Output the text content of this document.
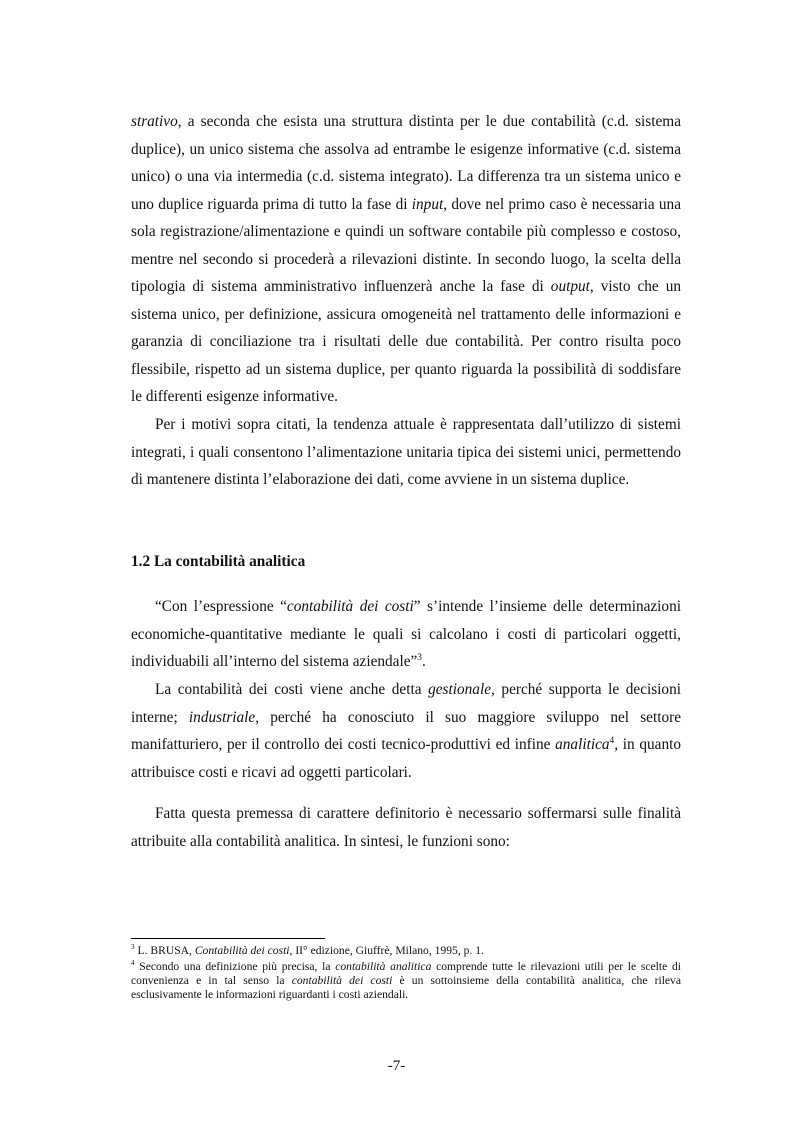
strativo, a seconda che esista una struttura distinta per le due contabilità (c.d. sistema duplice), un unico sistema che assolva ad entrambe le esigenze informative (c.d. sistema unico) o una via intermedia (c.d. sistema integrato). La differenza tra un sistema unico e uno duplice riguarda prima di tutto la fase di input, dove nel primo caso è necessaria una sola registrazione/alimentazione e quindi un software contabile più complesso e costoso, mentre nel secondo si procederà a rilevazioni distinte. In secondo luogo, la scelta della tipologia di sistema amministrativo influenzerà anche la fase di output, visto che un sistema unico, per definizione, assicura omogeneità nel trattamento delle informazioni e garanzia di conciliazione tra i risultati delle due contabilità. Per contro risulta poco flessibile, rispetto ad un sistema duplice, per quanto riguarda la possibilità di soddisfare le differenti esigenze informative.

Per i motivi sopra citati, la tendenza attuale è rappresentata dall’utilizzo di sistemi integrati, i quali consentono l’alimentazione unitaria tipica dei sistemi unici, permettendo di mantenere distinta l’elaborazione dei dati, come avviene in un sistema duplice.

1.2 La contabilità analitica

“Con l’espressione “contabilità dei costi” s’intende l’insieme delle determinazioni economiche-quantitative mediante le quali si calcolano i costi di particolari oggetti, individuabili all’interno del sistema aziendale”$^3$.

La contabilità dei costi viene anche detta gestionale, perché supporta le decisioni interne; industriale, perché ha conosciuto il suo maggiore sviluppo nel settore manifatturiero, per il controllo dei costi tecnico-produttivi ed infine analitica$^4$, in quanto attribuisce costi e ricavi ad oggetti particolari.

Fatta questa premessa di carattere definitorio è necessario soffermarsi sulle finalità attribuite alla contabilità analitica. In sintesi, le funzioni sono:

$^3$ L. BRUSA, Contabilità dei costi, II° edizione, Giuffrè, Milano, 1995, p. 1.

$^4$ Secondo una definizione più precisa, la contabilità analitica comprende tutte le rilevazioni utili per le scelte di convenienza e in tal senso la contabilità dei costi è un sottoinsieme della contabilità analitica, che rileva esclusivamente le informazioni riguardanti i costi aziendali.

-7-
